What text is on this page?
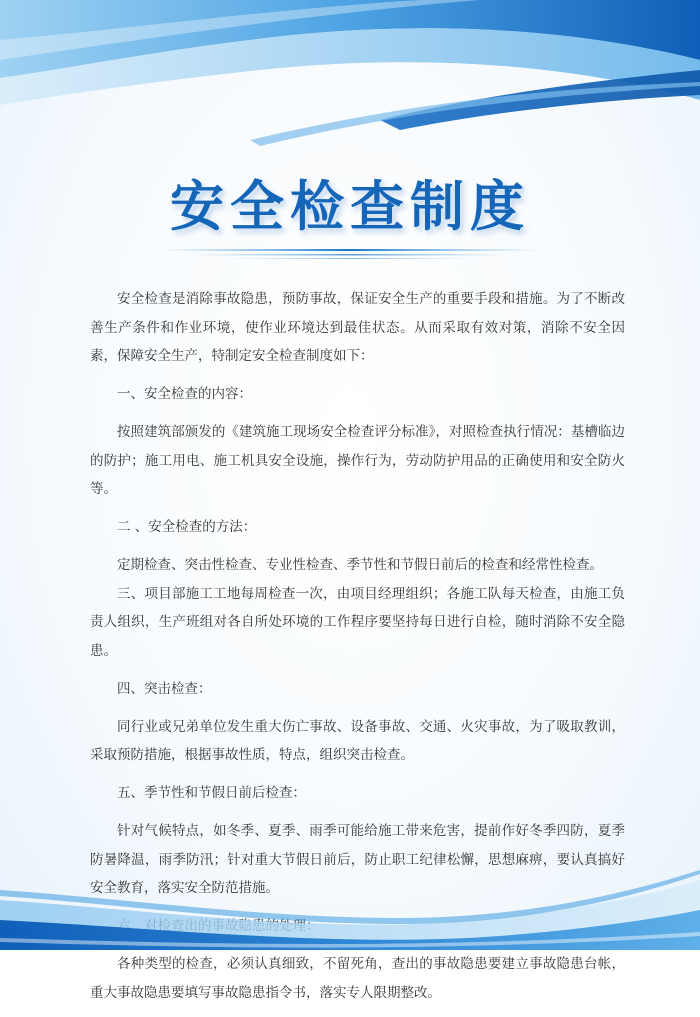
安全检查制度

安全检查是消除事故隐患，预防事故，保证安全生产的重要手段和措施。为了不断改善生产条件和作业环境，使作业环境达到最佳状态。从而采取有效对策，消除不安全因素，保障安全生产，特制定安全检查制度如下：

一、安全检查的内容：

按照建筑部颁发的《建筑施工现场安全检查评分标准》，对照检查执行情况：基槽临边的防护；施工用电、施工机具安全设施，操作行为，劳动防护用品的正确使用和安全防火等。

二 、安全检查的方法：

定期检查、突击性检查、专业性检查、季节性和节假日前后的检查和经常性检查。

三、项目部施工工地每周检查一次，由项目经理组织；各施工队每天检查，由施工负责人组织，生产班组对各自所处环境的工作程序要坚持每日进行自检，随时消除不安全隐患。

四、突击检查：

同行业或兄弟单位发生重大伤亡事故、设备事故、交通、火灾事故，为了吸取教训，采取预防措施，根据事故性质，特点，组织突击检查。

五、季节性和节假日前后检查：

针对气候特点，如冬季、夏季、雨季可能给施工带来危害，提前作好冬季四防，夏季防暑降温，雨季防汛；针对重大节假日前后，防止职工纪律松懈，思想麻痹，要认真搞好安全教育，落实安全防范措施。

各种类型的检查，必须认真细致，不留死角，查出的事故隐患要建立事故隐患台帐，重大事故隐患要填写事故隐患指令书，落实专人限期整改。
